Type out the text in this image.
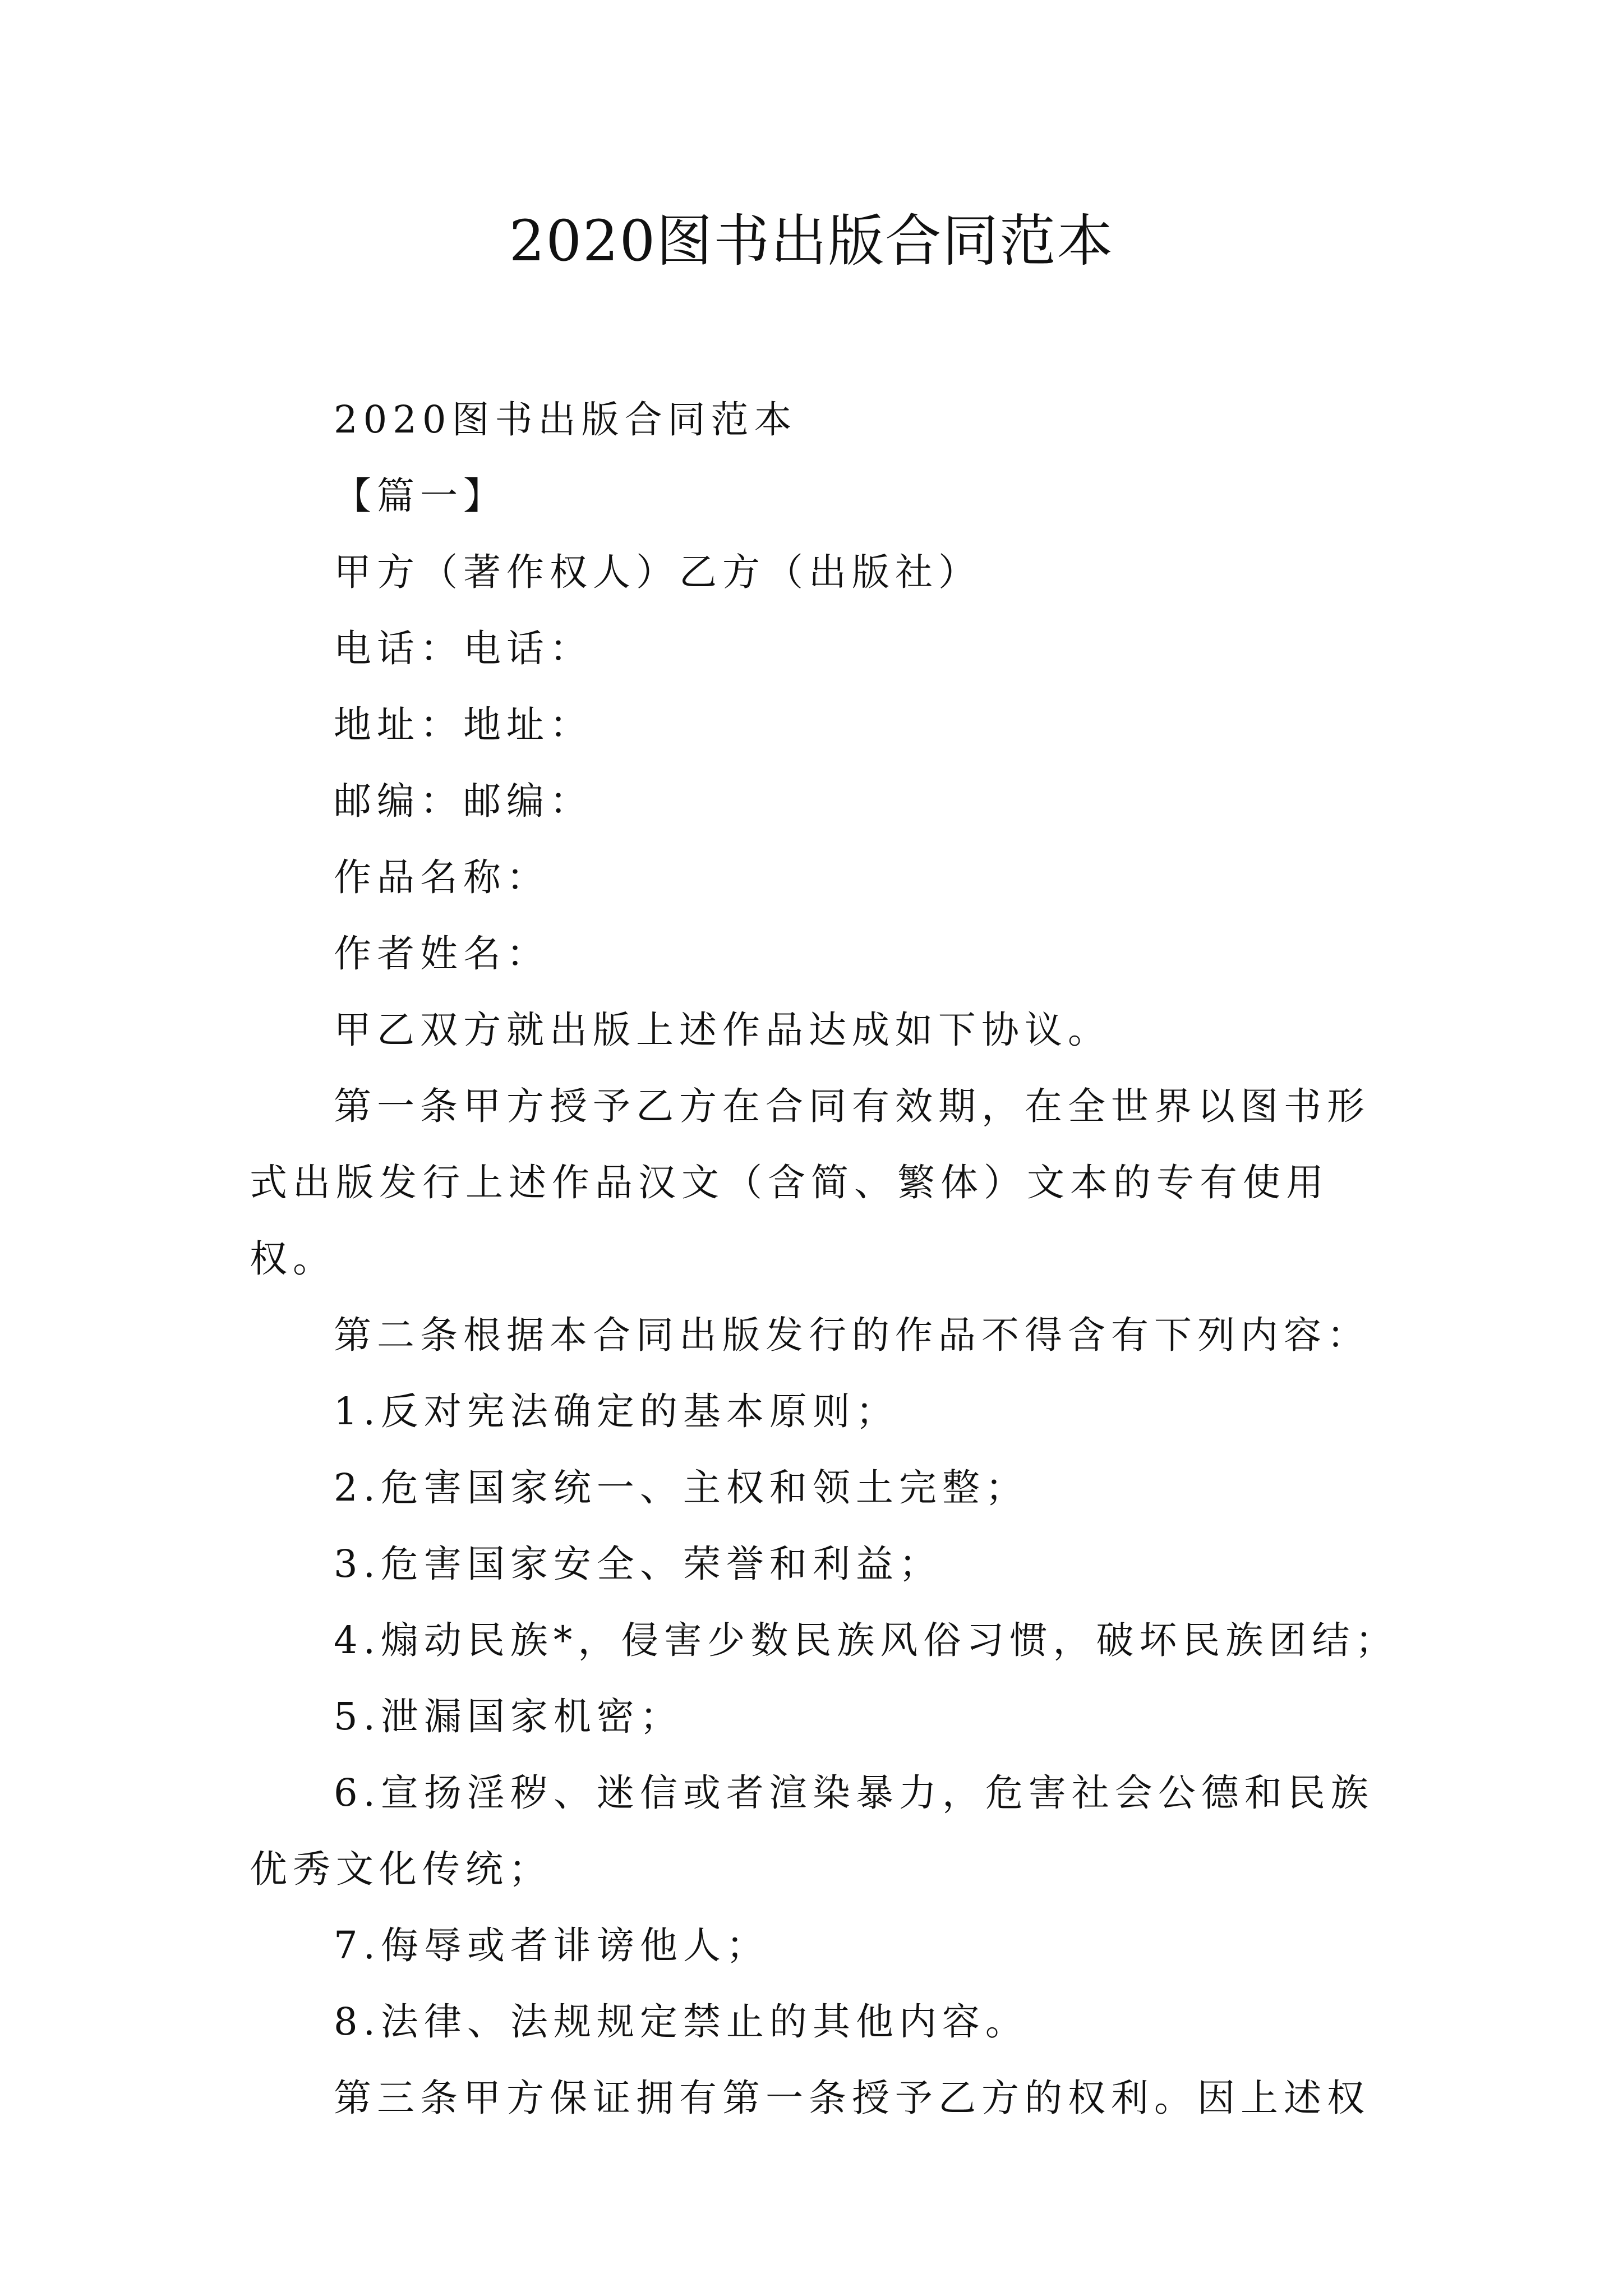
2020图书出版合同范本

2020图书出版合同范本

【篇一】

甲方（著作权人）乙方（出版社）

电话：电话：

地址：地址：

邮编：邮编：

作品名称：

作者姓名：

甲乙双方就出版上述作品达成如下协议。

第一条甲方授予乙方在合同有效期，在全世界以图书形式出版发行上述作品汉文（含简、繁体）文本的专有使用权。

第二条根据本合同出版发行的作品不得含有下列内容：

1.反对宪法确定的基本原则；

2.危害国家统一、主权和领土完整；

3.危害国家安全、荣誉和利益；

4.煽动民族*，侵害少数民族风俗习惯，破坏民族团结；

5.泄漏国家机密；

6.宣扬淫秽、迷信或者渲染暴力，危害社会公德和民族优秀文化传统；

7.侮辱或者诽谤他人；

8.法律、法规规定禁止的其他内容。

第三条甲方保证拥有第一条授予乙方的权利。因上述权
